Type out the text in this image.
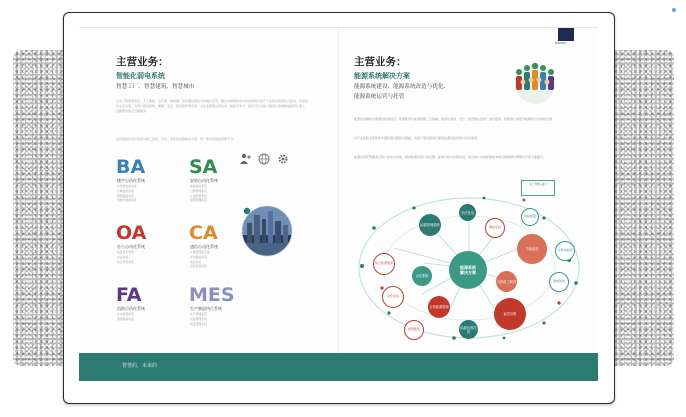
主营业务：
智能化弱电系统
智慧工厂、智慧建筑、智慧城市
启动了智慧型项目，人工智能、云计算、物联网、移动通信等技术的融合应用，通过多种智能化方式将建筑与各个子系统有机的结合起来，实现信息交互共享，为用户提供高效、便捷、安全、舒适的环境空间，为企业降低运营成本，提高竞争力；我们可以为客户提供从咨询规划到设计施工、运维服务的全过程服务。
具有智能化设计资质与施工资质，可为一次性的完整解决方案，同一套系统集成管理平台。
BA
楼宇自动化系统
冷热源自控系统
空调自控系统
照明监控系统
给排水监控系统
SA
安防自动化系统
视频监控系统
门禁管理系统
入侵报警系统
巡更管理系统
OA
办公自动化系统
信息发布系统
会议系统
综合布线系统
CA
通信自动化系统
计算机网络系统
无线覆盖系统
电话系统
有线电视系统
FA
消防自动化系统
火灾报警系统
消防联动系统
MES
生产制造执行系统
生产管理系统
设备管理系统
质量管理系统
RUNWELL
主营业务：
能源系统解决方案
能源系统建设、能源系统改造与优化、
能源系统运营与托管
■ 能源系统解决方案围绕能源供应、能源使用与能源管理三大领域，提供从规划、设计、建设到运营的一站式服务，帮助客户实现节能降耗与可持续发展。
■ 以专业的技术团队和丰富的项目经验为基础，为客户提供高效可靠的能源系统改造与优化服务。
■ 能源运营托管服务以客户需求为导向，提供能源系统日常运维、能效分析与持续改进，助力客户实现能源成本的有效控制与管理水平的全面提升。
以上为核心能力
能源系统
解决方案
能源管理系统
光伏发电
储能系统
节能改造	分布式能源
冷热电三联供	余热回收
能效诊断
能源运维托管
合同能源管理
智慧照明
空压系统
水泵系统
综合能源服务
电能质量
智慧的，未来的
